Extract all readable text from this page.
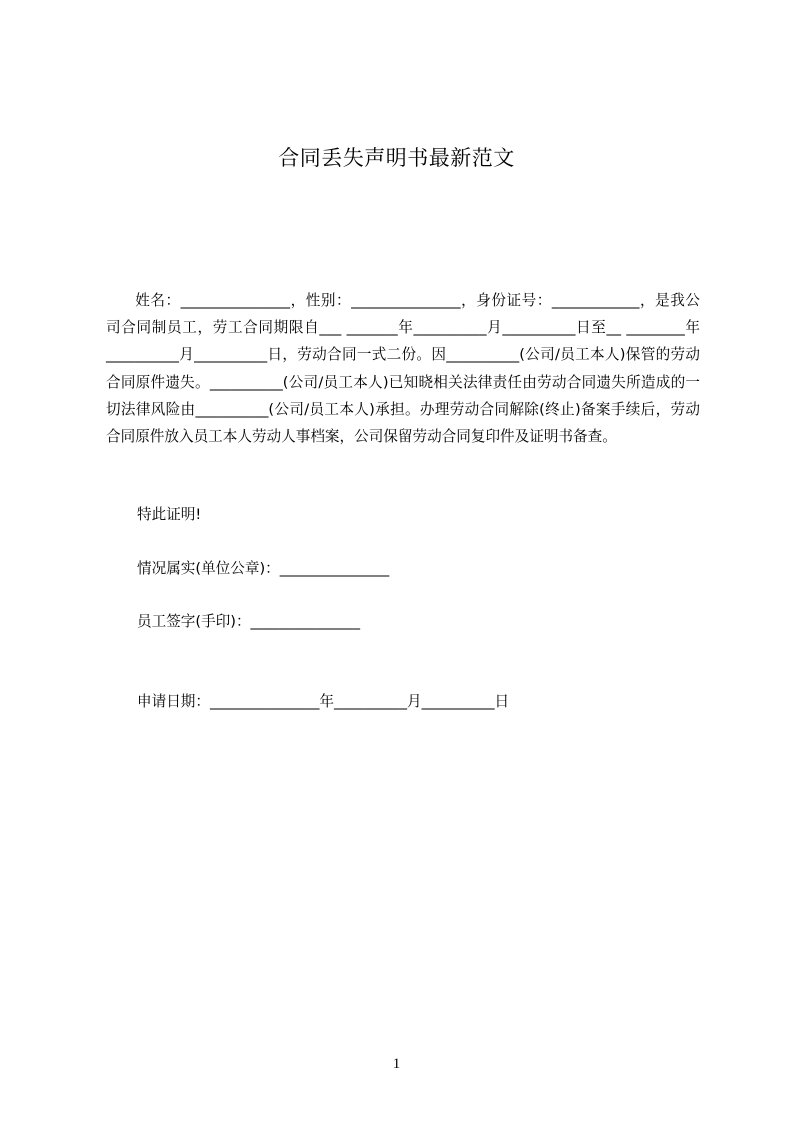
合同丢失声明书最新范文

姓名：_______________，性别：_______________，身份证号：____________，是我公司合同制员工，劳工合同期限自___ _______年__________月__________日至__ ________年__________月__________日，劳动合同一式二份。因__________(公司/员工本人)保管的劳动合同原件遗失。__________(公司/员工本人)已知晓相关法律责任由劳动合同遗失所造成的一切法律风险由__________(公司/员工本人)承担。办理劳动合同解除(终止)备案手续后，劳动合同原件放入员工本人劳动人事档案，公司保留劳动合同复印件及证明书备查。

特此证明!
情况属实(单位公章)：_______________
员工签字(手印)：_______________
申请日期：_______________年__________月__________日
1
